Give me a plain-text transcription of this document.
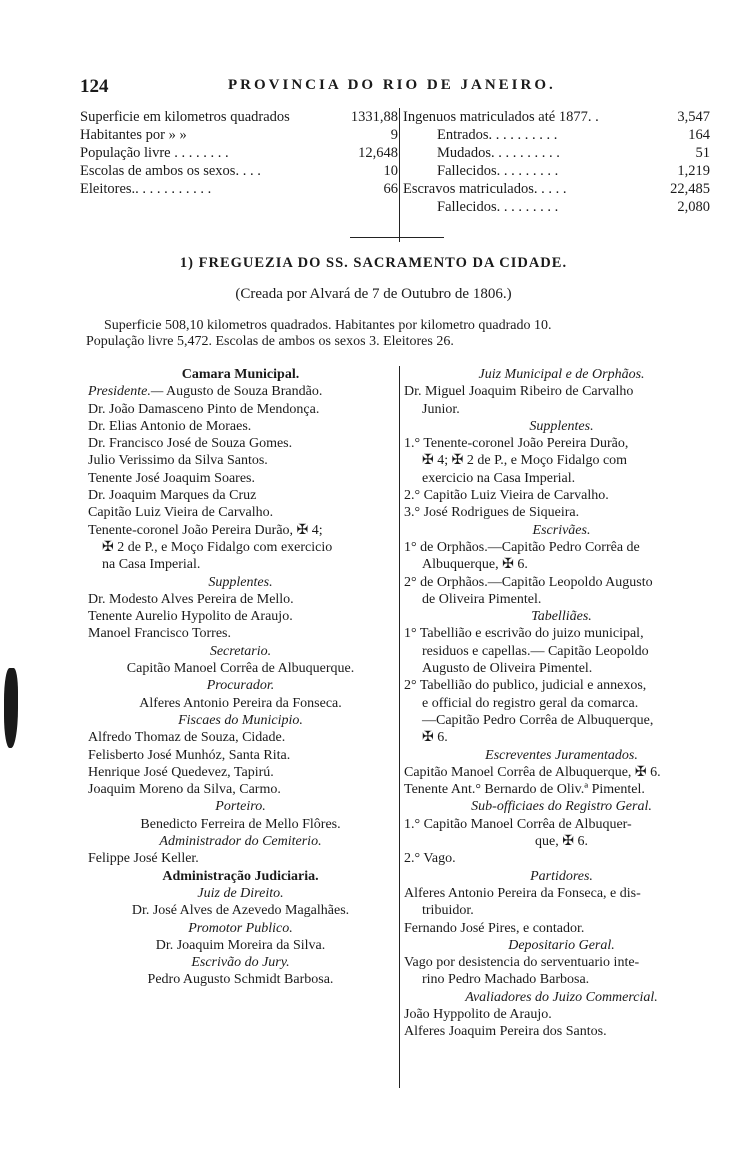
124	PROVINCIA DO RIO DE JANEIRO.
Superficie em kilometros quadrados	1331,88
Habitantes por » »	9
População livre . . . . . . . .	12,648
Escolas de ambos os sexos. . . .	10
Eleitores.. . . . . . . . . . .	66
Ingenuos matriculados até 1877. .	3,547
Entrados. . . . . . . . . .	164
Mudados. . . . . . . . . .	51
Fallecidos. . . . . . . . .	1,219
Escravos matriculados. . . . .	22,485
Fallecidos. . . . . . . . .	2,080
1) FREGUEZIA DO SS. SACRAMENTO DA CIDADE.
(Creada por Alvará de 7 de Outubro de 1806.)
Superficie 508,10 kilometros quadrados. Habitantes por kilometro quadrado 10.
População livre 5,472. Escolas de ambos os sexos 3. Eleitores 26.
Camara Municipal.
Presidente.— Augusto de Souza Brandão.
Dr. João Damasceno Pinto de Mendonça.
Dr. Elias Antonio de Moraes.
Dr. Francisco José de Souza Gomes.
Julio Verissimo da Silva Santos.
Tenente José Joaquim Soares.
Dr. Joaquim Marques da Cruz
Capitão Luiz Vieira de Carvalho.
Tenente-coronel João Pereira Durão, ✠ 4;
✠ 2 de P., e Moço Fidalgo com exercicio
na Casa Imperial.
Supplentes.
Dr. Modesto Alves Pereira de Mello.
Tenente Aurelio Hypolito de Araujo.
Manoel Francisco Torres.
Secretario.
Capitão Manoel Corrêa de Albuquerque.
Procurador.
Alferes Antonio Pereira da Fonseca.
Fiscaes do Municipio.
Alfredo Thomaz de Souza, Cidade.
Felisberto José Munhóz, Santa Rita.
Henrique José Quedevez, Tapirú.
Joaquim Moreno da Silva, Carmo.
Porteiro.
Benedicto Ferreira de Mello Flôres.
Administrador do Cemiterio.
Felippe José Keller.
Administração Judiciaria.
Juiz de Direito.
Dr. José Alves de Azevedo Magalhães.
Promotor Publico.
Dr. Joaquim Moreira da Silva.
Escrivão do Jury.
Pedro Augusto Schmidt Barbosa.
Juiz Municipal e de Orphãos.
Dr. Miguel Joaquim Ribeiro de Carvalho
Junior.
Supplentes.
1.° Tenente-coronel João Pereira Durão,
✠ 4; ✠ 2 de P., e Moço Fidalgo com
exercicio na Casa Imperial.
2.° Capitão Luiz Vieira de Carvalho.
3.° José Rodrigues de Siqueira.
Escrivães.
1° de Orphãos.—Capitão Pedro Corrêa de
Albuquerque, ✠ 6.
2° de Orphãos.—Capitão Leopoldo Augusto
de Oliveira Pimentel.
Tabelliães.
1° Tabellião e escrivão do juizo municipal,
residuos e capellas.— Capitão Leopoldo
Augusto de Oliveira Pimentel.
2° Tabellião do publico, judicial e annexos,
e official do registro geral da comarca.
—Capitão Pedro Corrêa de Albuquerque,
✠ 6.
Escreventes Juramentados.
Capitão Manoel Corrêa de Albuquerque, ✠ 6.
Tenente Ant.° Bernardo de Oliv.ª Pimentel.
Sub-officiaes do Registro Geral.
1.° Capitão Manoel Corrêa de Albuquer-
que, ✠ 6.
2.° Vago.
Partidores.
Alferes Antonio Pereira da Fonseca, e dis-
tribuidor.
Fernando José Pires, e contador.
Depositario Geral.
Vago por desistencia do serventuario inte-
rino Pedro Machado Barbosa.
Avaliadores do Juizo Commercial.
João Hyppolito de Araujo.
Alferes Joaquim Pereira dos Santos.
